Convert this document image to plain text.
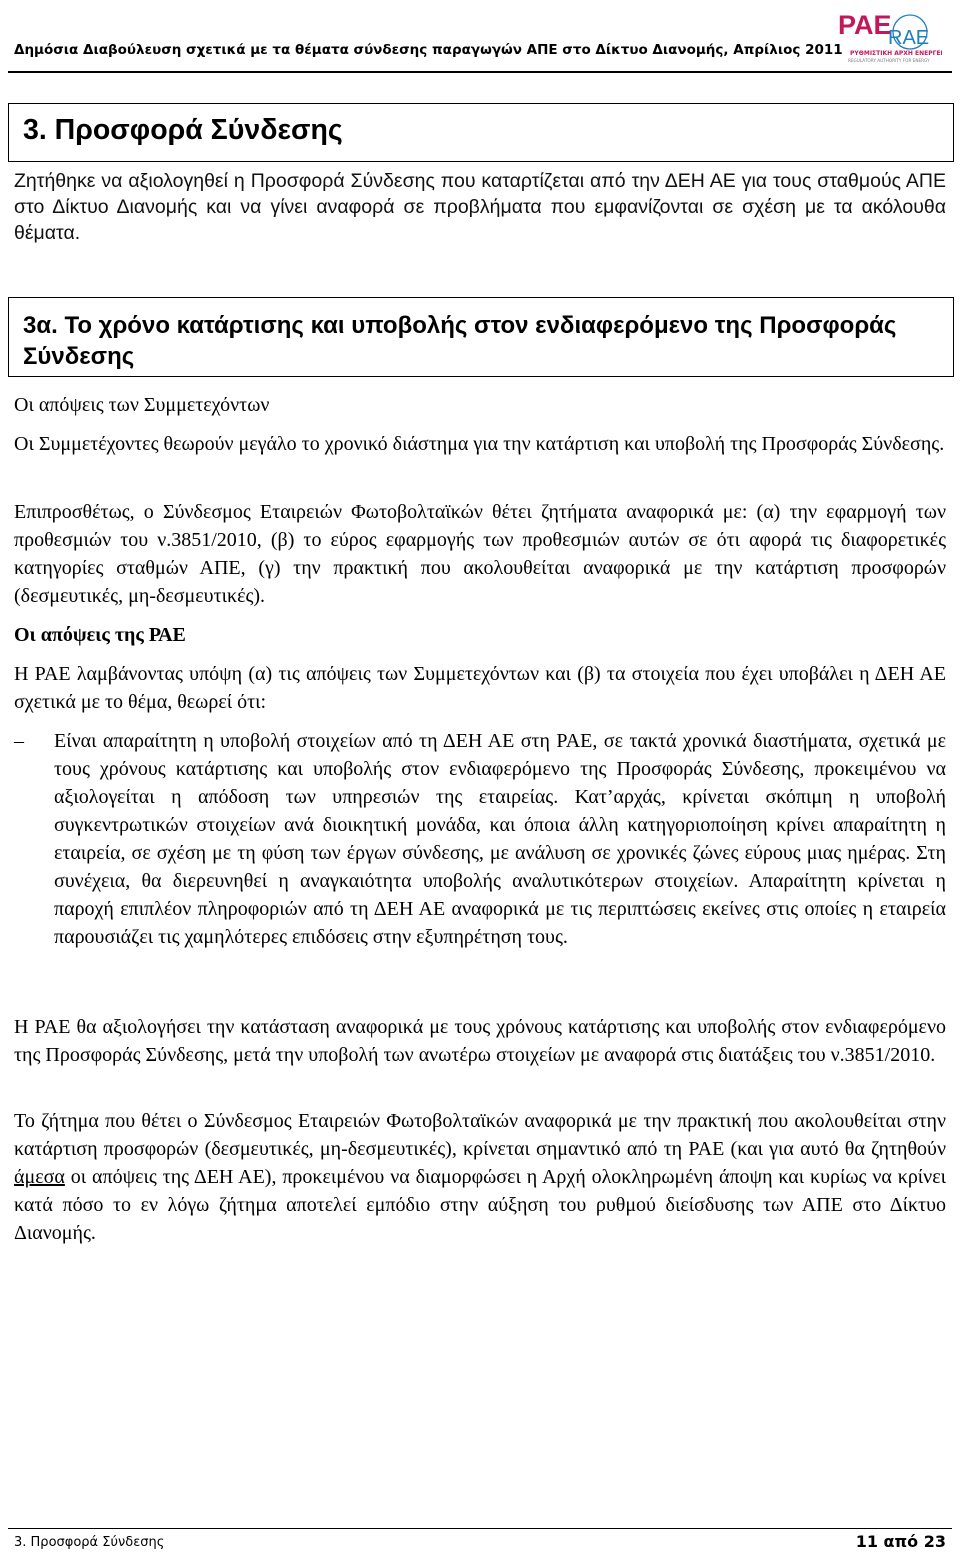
Δημόσια Διαβούλευση σχετικά με τα θέματα σύνδεσης παραγωγών ΑΠΕ στο Δίκτυο Διανομής, Απρίλιος 2011
PAE
RAE
ΡΥΘΜΙΣΤΙΚΗ ΑΡΧΗ ΕΝΕΡΓΕΙΑΣ
REGULATORY AUTHORITY FOR ENERGY
3. Προσφορά Σύνδεσης
Ζητήθηκε να αξιολογηθεί η Προσφορά Σύνδεσης που καταρτίζεται από την ΔΕΗ ΑΕ για τους σταθμούς ΑΠΕ στο Δίκτυο Διανομής και να γίνει αναφορά σε προβλήματα που εμφανίζονται σε σχέση με τα ακόλουθα θέματα.
3α. Το χρόνο κατάρτισης και υποβολής στον ενδιαφερόμενο της Προσφοράς Σύνδεσης
Οι απόψεις των Συμμετεχόντων
Οι Συμμετέχοντες θεωρούν μεγάλο το χρονικό διάστημα για την κατάρτιση και υποβολή της Προσφοράς Σύνδεσης.
Επιπροσθέτως, ο Σύνδεσμος Εταιρειών Φωτοβολταϊκών θέτει ζητήματα αναφορικά με: (α) την εφαρμογή των προθεσμιών του ν.3851/2010, (β) το εύρος εφαρμογής των προθεσμιών αυτών σε ότι αφορά τις διαφορετικές κατηγορίες σταθμών ΑΠΕ, (γ) την πρακτική που ακολουθείται αναφορικά με την κατάρτιση προσφορών (δεσμευτικές, μη-δεσμευτικές).
Οι απόψεις της ΡΑΕ
Η ΡΑΕ λαμβάνοντας υπόψη (α) τις απόψεις των Συμμετεχόντων και (β) τα στοιχεία που έχει υποβάλει η ΔΕΗ ΑΕ σχετικά με το θέμα, θεωρεί ότι:
–	Είναι απαραίτητη η υποβολή στοιχείων από τη ΔΕΗ ΑΕ στη ΡΑΕ, σε τακτά χρονικά διαστήματα, σχετικά με τους χρόνους κατάρτισης και υποβολής στον ενδιαφερόμενο της Προσφοράς Σύνδεσης, προκειμένου να αξιολογείται η απόδοση των υπηρεσιών της εταιρείας. Κατ’αρχάς, κρίνεται σκόπιμη η υποβολή συγκεντρωτικών στοιχείων ανά διοικητική μονάδα, και όποια άλλη κατηγοριοποίηση κρίνει απαραίτητη η εταιρεία, σε σχέση με τη φύση των έργων σύνδεσης, με ανάλυση σε χρονικές ζώνες εύρους μιας ημέρας. Στη συνέχεια, θα διερευνηθεί η αναγκαιότητα υποβολής αναλυτικότερων στοιχείων. Απαραίτητη κρίνεται η παροχή επιπλέον πληροφοριών από τη ΔΕΗ ΑΕ αναφορικά με τις περιπτώσεις εκείνες στις οποίες η εταιρεία παρουσιάζει τις χαμηλότερες επιδόσεις στην εξυπηρέτηση τους.
Η ΡΑΕ θα αξιολογήσει την κατάσταση αναφορικά με τους χρόνους κατάρτισης και υποβολής στον ενδιαφερόμενο της Προσφοράς Σύνδεσης, μετά την υποβολή των ανωτέρω στοιχείων με αναφορά στις διατάξεις του ν.3851/2010.
Το ζήτημα που θέτει ο Σύνδεσμος Εταιρειών Φωτοβολταϊκών αναφορικά με την πρακτική που ακολουθείται στην κατάρτιση προσφορών (δεσμευτικές, μη-δεσμευτικές), κρίνεται σημαντικό από τη ΡΑΕ (και για αυτό θα ζητηθούν άμεσα οι απόψεις της ΔΕΗ ΑΕ), προκειμένου να διαμορφώσει η Αρχή ολοκληρωμένη άποψη και κυρίως να κρίνει κατά πόσο το εν λόγω ζήτημα αποτελεί εμπόδιο στην αύξηση του ρυθμού διείσδυσης των ΑΠΕ στο Δίκτυο Διανομής.
3. Προσφορά Σύνδεσης	11 από 23
